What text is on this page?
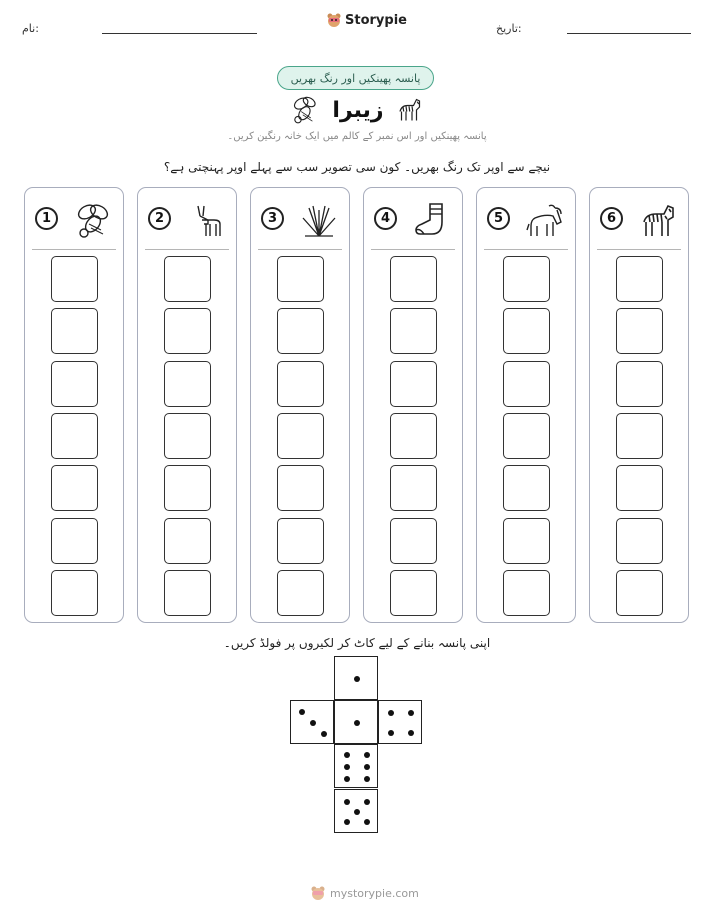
نام:
Storypie
تاریخ:
پانسہ پھینکیں اور رنگ بھریں
زیبرا
پانسہ پھینکیں اور اس نمبر کے کالم میں ایک خانہ رنگین کریں۔
نیچے سے اوپر تک رنگ بھریں۔ کون سی تصویر سب سے پہلے اوپر پہنچتی ہے؟
1	2	3	4	5	6
اپنی پانسہ بنانے کے لیے کاٹ کر لکیروں پر فولڈ کریں۔
mystorypie.com
